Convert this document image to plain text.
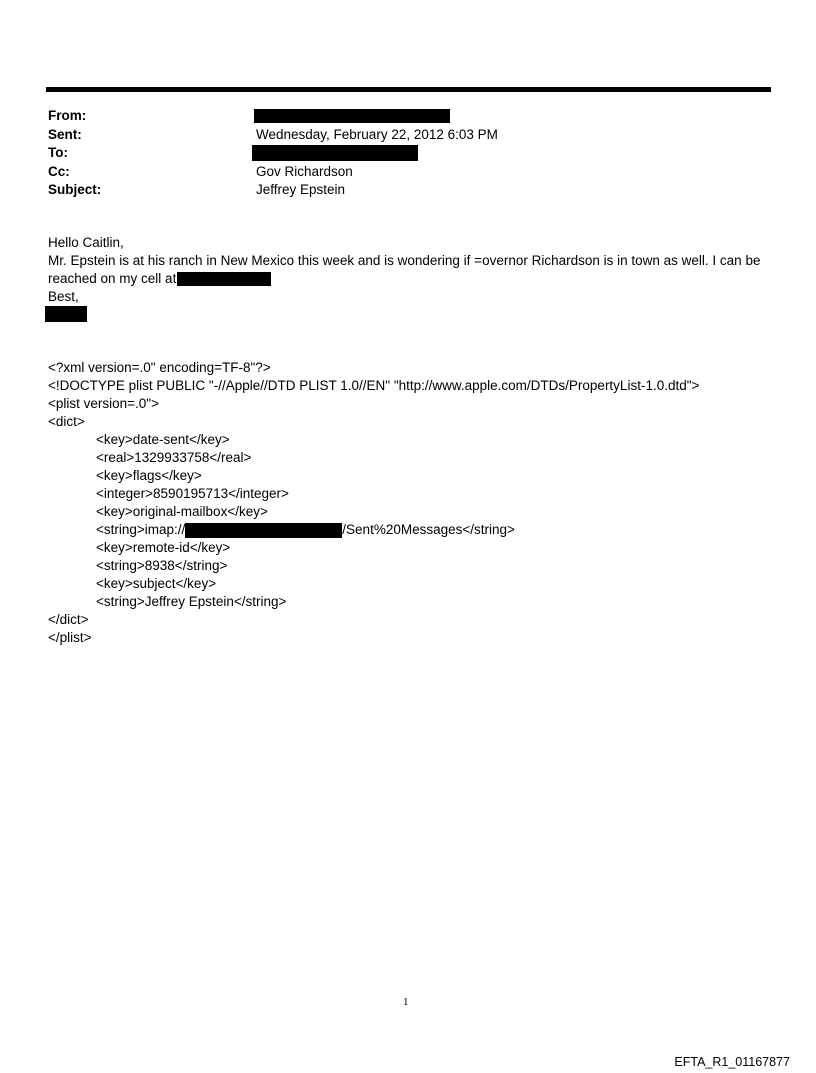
From:
Sent:	Wednesday, February 22, 2012 6:03 PM
To:
Cc:	Gov Richardson
Subject:	Jeffrey Epstein

Hello Caitlin,

Mr. Epstein is at his ranch in New Mexico this week and is wondering if =overnor Richardson is in town as well. I can be reached on my cell at

Best,

<?xml version=.0" encoding=TF-8"?>
<!DOCTYPE plist PUBLIC "-//Apple//DTD PLIST 1.0//EN" "http://www.apple.com/DTDs/PropertyList-1.0.dtd">
<plist version=.0">
<dict>
<key>date-sent</key>
<real>1329933758</real>
<key>flags</key>
<integer>8590195713</integer>
<key>original-mailbox</key>
<string>imap://	/Sent%20Messages</string>
<key>remote-id</key>
<string>8938</string>
<key>subject</key>
<string>Jeffrey Epstein</string>
</dict>
</plist>
1
EFTA_R1_01167877
